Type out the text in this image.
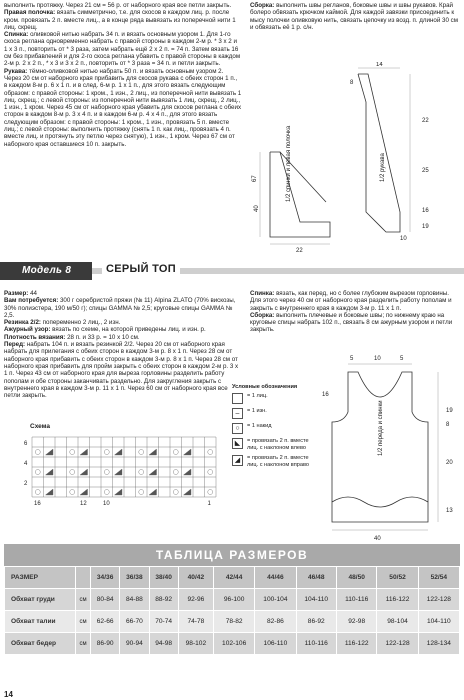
выполнить протяжку. Через 21 см = 56 р. от наборного края все петли закрыть.

Правая полочка: вязать симметрично, т.е. для скосов в каждом лиц. р. после кром. провязать 2 п. вместе лиц., а в конце ряда вывязать из поперечной нити 1 лиц. скрещ.

Спинка: оливковой нитью набрать 34 п. и вязать основным узором 1. Для 1-го скоса реглана одновременно набрать с правой стороны в каждом 2-м р. * 3 х 2 и 1 х 3 п., повторить от * 3 раза, затем набрать ещё 2 х 2 п. = 74 п. Затем вязать 16 см без прибавлений и для 2-го скоса реглана убавить с правой стороны в каждом 2-м р. 2 х 2 п., * х 3 и 3 х 2 п., повторить от * 3 раза = 34 п. и петли закрыть.

Рукава: тёмно-оливковой нитью набрать 50 п. и вязать основным узором 2. Через 20 см от наборного края прибавить для скосов рукава с обеих сторон 1 п., в каждом 8-м р. 6 х 1 п. и в след. 6-м р. 1 х 1 п., для этого вязать следующим образом: с правой стороны: 1 кром., 1 изн., 2 лиц., из поперечной нити вывязать 1 лиц. скрещ.; с левой стороны: из поперечной нити вывязать 1 лиц. скрещ., 2 лиц., 1 изн., 1 кром. Через 45 см от наборного края убавить для скосов реглана с обеих сторон в каждом 8-м р. 3 х 4 п. и в каждом 6-м р. 4 х 4 п., для этого вязать следующим образом: с правой стороны: 1 кром., 1 изн., провязать 5 п. вместе лиц.; с левой стороны: выполнить протяжку (снять 1 п. как лиц., провязать 4 п. вместе лиц. и протянуть эту петлю через снятую), 1 изн., 1 кром. Через 67 см от наборного края оставшиеся 10 п. закрыть.

Сборка: выполнить швы регланов, боковые швы и швы рукавов. Край болеро обвязать крючком каймой. Для каждой завязки присоединить к мысу полочки оливковую нить, связать цепочку из возд. п. длиной 30 см и обвязать её 1 р. с/н.

14
8
22
67
25
1/2 рукава
16
19
40
1/2 спинки и левая полочка
22
10
Модель 8	СЕРЫЙ ТОП

Размер: 44

Вам потребуется: 300 г серебристой пряжи (№ 11) Alpina ZLATO (70% вискозы, 30% полиэстера, 190 м/50 г); спицы GAMMA № 2,5; круговые спицы GAMMA № 2,5.

Резинка 2/2: попеременно 2 лиц., 2 изн.

Ажурный узор: вязать по схеме, на которой приведены лиц. и изн. р.

Плотность вязания: 28 п. и 33 р. = 10 х 10 см.

Перед: набрать 104 п. и вязать резинкой 2/2. Через 20 см от наборного края набрать для прилегания с обеих сторон в каждом 3-м р. 8 х 1 п. Через 28 см от наборного края прибавить с обеих сторон в каждом 3-м р. 8 х 1 п. Через 28 см от наборного края прибавить для пройм закрыть с обеих сторон в каждом 2-м р. 3 х 1 п. Через 43 см от наборного края для выреза горловины разделить работу пополам и обе стороны заканчивать раздельно. Для закругления закрыть с внутреннего края в каждом 3-м р. 11 х 1 п. Через 60 см от наборного края все петли закрыть.

Спинка: вязать, как перед, но с более глубоким вырезом горловины. Для этого через 40 см от наборного края разделить работу пополам и закрыть с внутреннего края в каждом 3-м р. 11 х 1 п.

Сборка: выполнить плечевые и боковые швы; по нижнему краю на круговые спицы набрать 102 п., связать 8 см ажурным узором и петли закрыть.

Условные обозначения
= 1 лиц.
–	= 1 изн.
○	= 1 накид
◣	= провязать 2 п. вместе лиц. с наклоном влево
◢	= провязать 2 п. вместе лиц. с наклоном вправо
5	10	5
16
19
8
20
1/2 переда и спинки
40
13
Схема
6
4
2
16	12	10	1
ТАБЛИЦА РАЗМЕРОВ
РАЗМЕР		34/36	36/38	38/40	40/42	42/44	44/46	46/48	48/50	50/52	52/54
Обхват груди	см	80-84	84-88	88-92	92-96	96-100	100-104	104-110	110-116	116-122	122-128
Обхват талии	см	62-66	66-70	70-74	74-78	78-82	82-86	86-92	92-98	98-104	104-110
Обхват бедер	см	86-90	90-94	94-98	98-102	102-106	106-110	110-116	116-122	122-128	128-134
14
